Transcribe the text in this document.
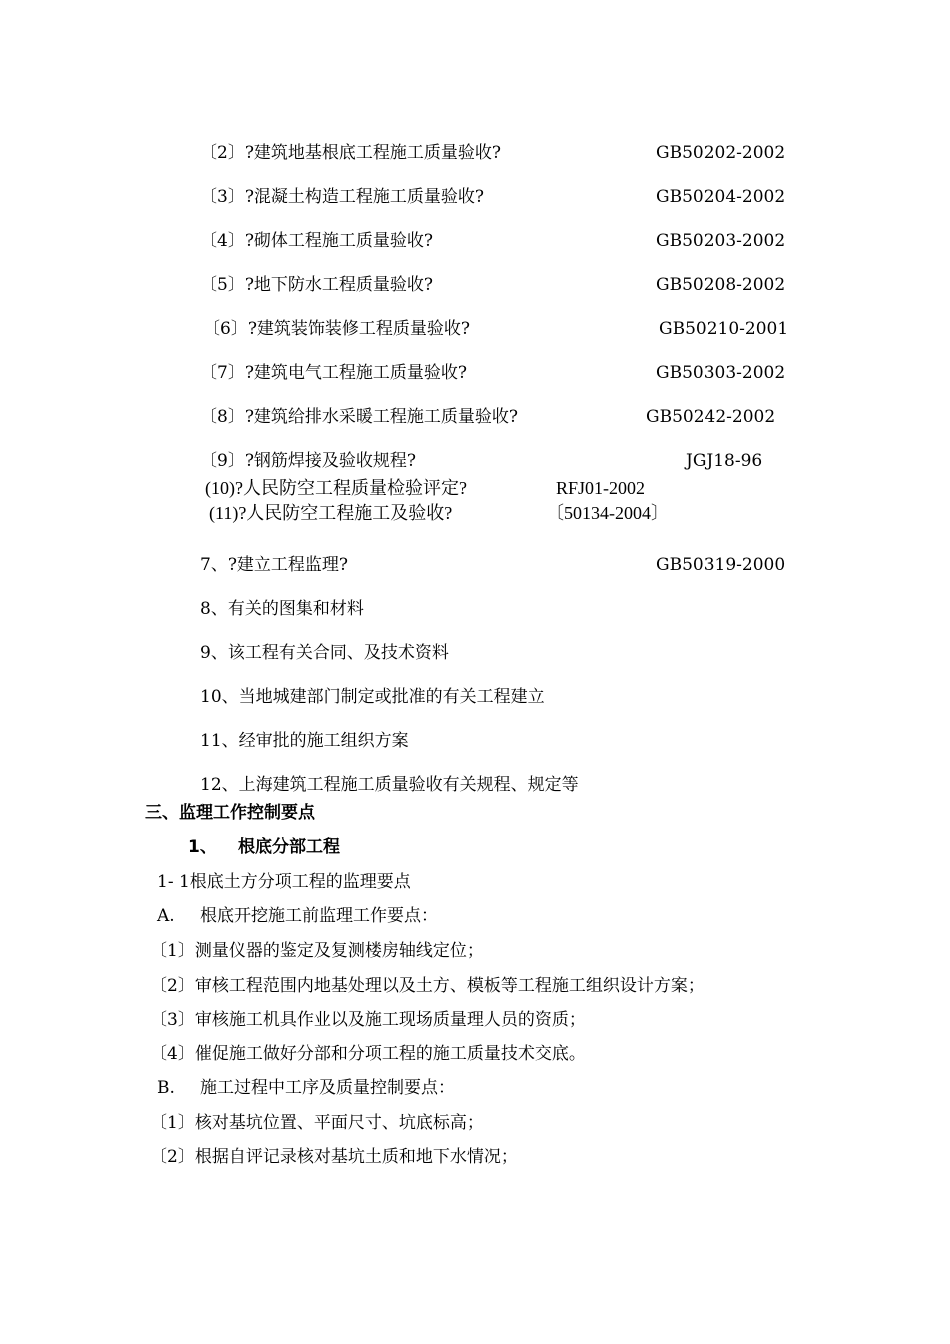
〔2〕?建筑地基根底工程施工质量验收?	GB50202-2002
〔3〕?混凝土构造工程施工质量验收?	GB50204-2002
〔4〕?砌体工程施工质量验收?	GB50203-2002
〔5〕?地下防水工程质量验收?	GB50208-2002
〔6〕?建筑装饰装修工程质量验收?	GB50210-2001
〔7〕?建筑电气工程施工质量验收?	GB50303-2002
〔8〕?建筑给排水采暖工程施工质量验收?	GB50242-2002
〔9〕?钢筋焊接及验收规程?	JGJ18-96
(10)?人民防空工程质量检验评定?	RFJ01-2002
(11)?人民防空工程施工及验收?	〔50134-2004〕
7、?建立工程监理?	GB50319-2000
8、有关的图集和材料
9、该工程有关合同、及技术资料
10、当地城建部门制定或批准的有关工程建立
11、经审批的施工组织方案
12、上海建筑工程施工质量验收有关规程、规定等
三、监理工作控制要点
1、 根底分部工程
1- 1根底土方分项工程的监理要点
A. 根底开挖施工前监理工作要点：
〔1〕测量仪器的鉴定及复测楼房轴线定位；
〔2〕审核工程范围内地基处理以及土方、模板等工程施工组织设计方案；
〔3〕审核施工机具作业以及施工现场质量理人员的资质；
〔4〕催促施工做好分部和分项工程的施工质量技术交底。
B. 施工过程中工序及质量控制要点：
〔1〕核对基坑位置、平面尺寸、坑底标高；
〔2〕根据自评记录核对基坑土质和地下水情况；
